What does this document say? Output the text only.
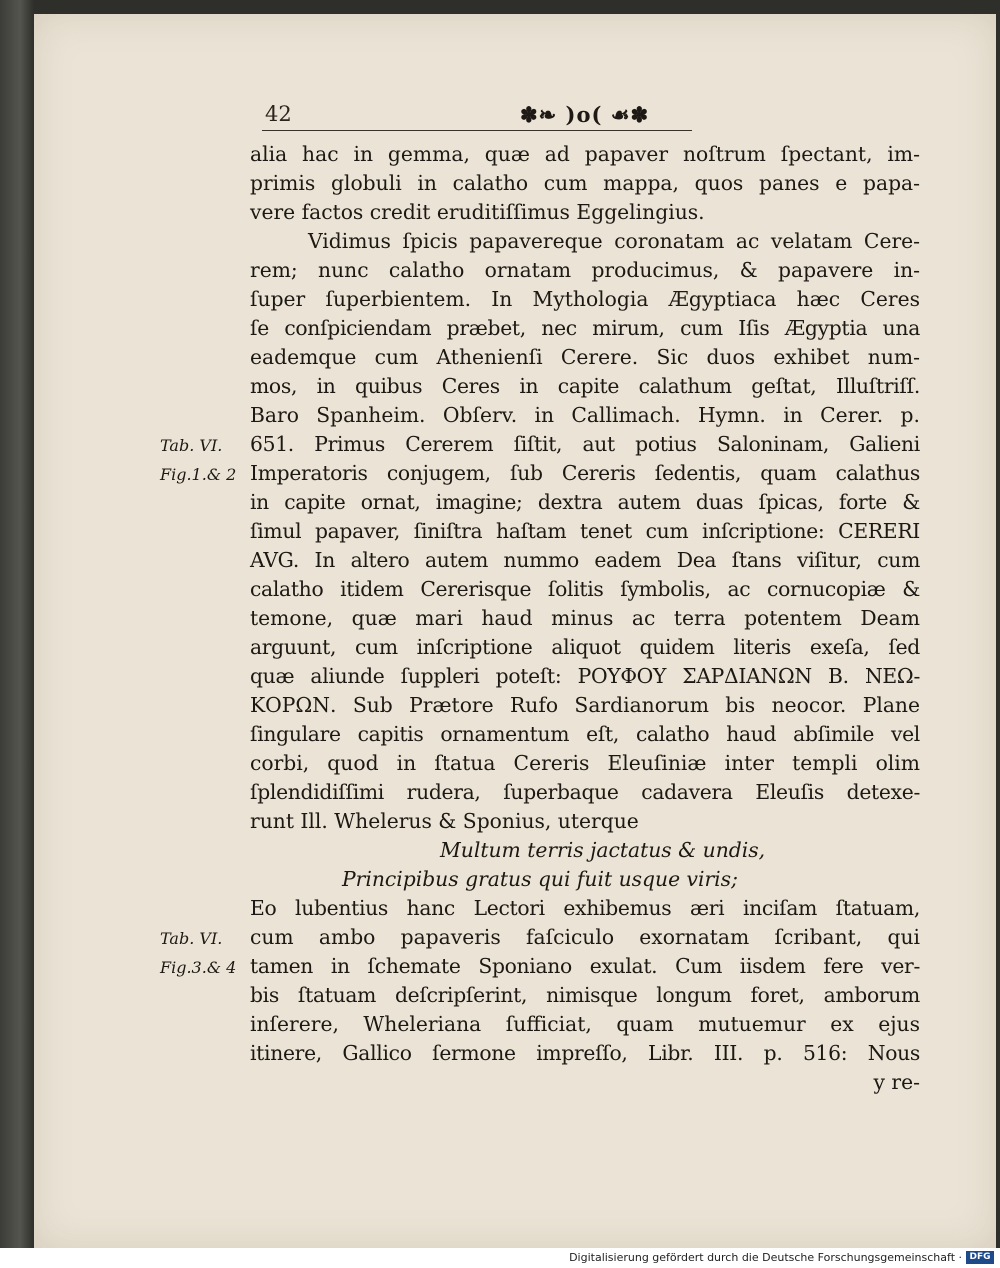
42	✽❧ )o( ☙✽
Tab. VI.
Fig.1.& 2
Tab. VI.
Fig.3.& 4
alia hac in gemma, quæ ad papaver noſtrum ſpectant, im-
primis globuli in calatho cum mappa, quos panes e papa-
vere factos credit eruditiſſimus Eggelingius.
Vidimus ſpicis papavereque coronatam ac velatam Cere-
rem; nunc calatho ornatam producimus, & papavere in-
ſuper ſuperbientem. In Mythologia Ægyptiaca hæc Ceres
ſe conſpiciendam præbet, nec mirum, cum Iſis Ægyptia una
eademque cum Athenienſi Cerere. Sic duos exhibet num-
mos, in quibus Ceres in capite calathum geſtat, Illuſtriſſ.
Baro Spanheim. Obſerv. in Callimach. Hymn. in Cerer. p.
651. Primus Cererem ſiſtit, aut potius Saloninam, Galieni
Imperatoris conjugem, ſub Cereris ſedentis, quam calathus
in capite ornat, imagine; dextra autem duas ſpicas, forte &
ſimul papaver, ſiniſtra haſtam tenet cum inſcriptione: CERERI
AVG. In altero autem nummo eadem Dea ſtans viſitur, cum
calatho itidem Cererisque ſolitis ſymbolis, ac cornucopiæ &
temone, quæ mari haud minus ac terra potentem Deam
arguunt, cum inſcriptione aliquot quidem literis exeſa, ſed
quæ aliunde ſuppleri poteſt: ΡΟΥΦΟΥ ΣΑΡΔΙΑΝΩΝ Β. ΝΕΩ-
ΚΟΡΩΝ. Sub Prætore Rufo Sardianorum bis neocor. Plane
ſingulare capitis ornamentum eſt, calatho haud abſimile vel
corbi, quod in ſtatua Cereris Eleuſiniæ inter templi olim
ſplendidiſſimi rudera, ſuperbaque cadavera Eleuſis detexe-
runt Ill. Whelerus & Sponius, uterque
Multum terris jactatus & undis,
Principibus gratus qui fuit usque viris;
Eo lubentius hanc Lectori exhibemus æri inciſam ſtatuam,
cum ambo papaveris faſciculo exornatam ſcribant, qui
tamen in ſchemate Sponiano exulat. Cum iisdem fere ver-
bis ſtatuam deſcripſerint, nimisque longum foret, amborum
inſerere, Wheleriana ſufficiat, quam mutuemur ex ejus
itinere, Gallico ſermone impreſſo, Libr. III. p. 516: Nous
y re-
Digitalisierung gefördert durch die Deutsche Forschungsgemeinschaft · DFG
